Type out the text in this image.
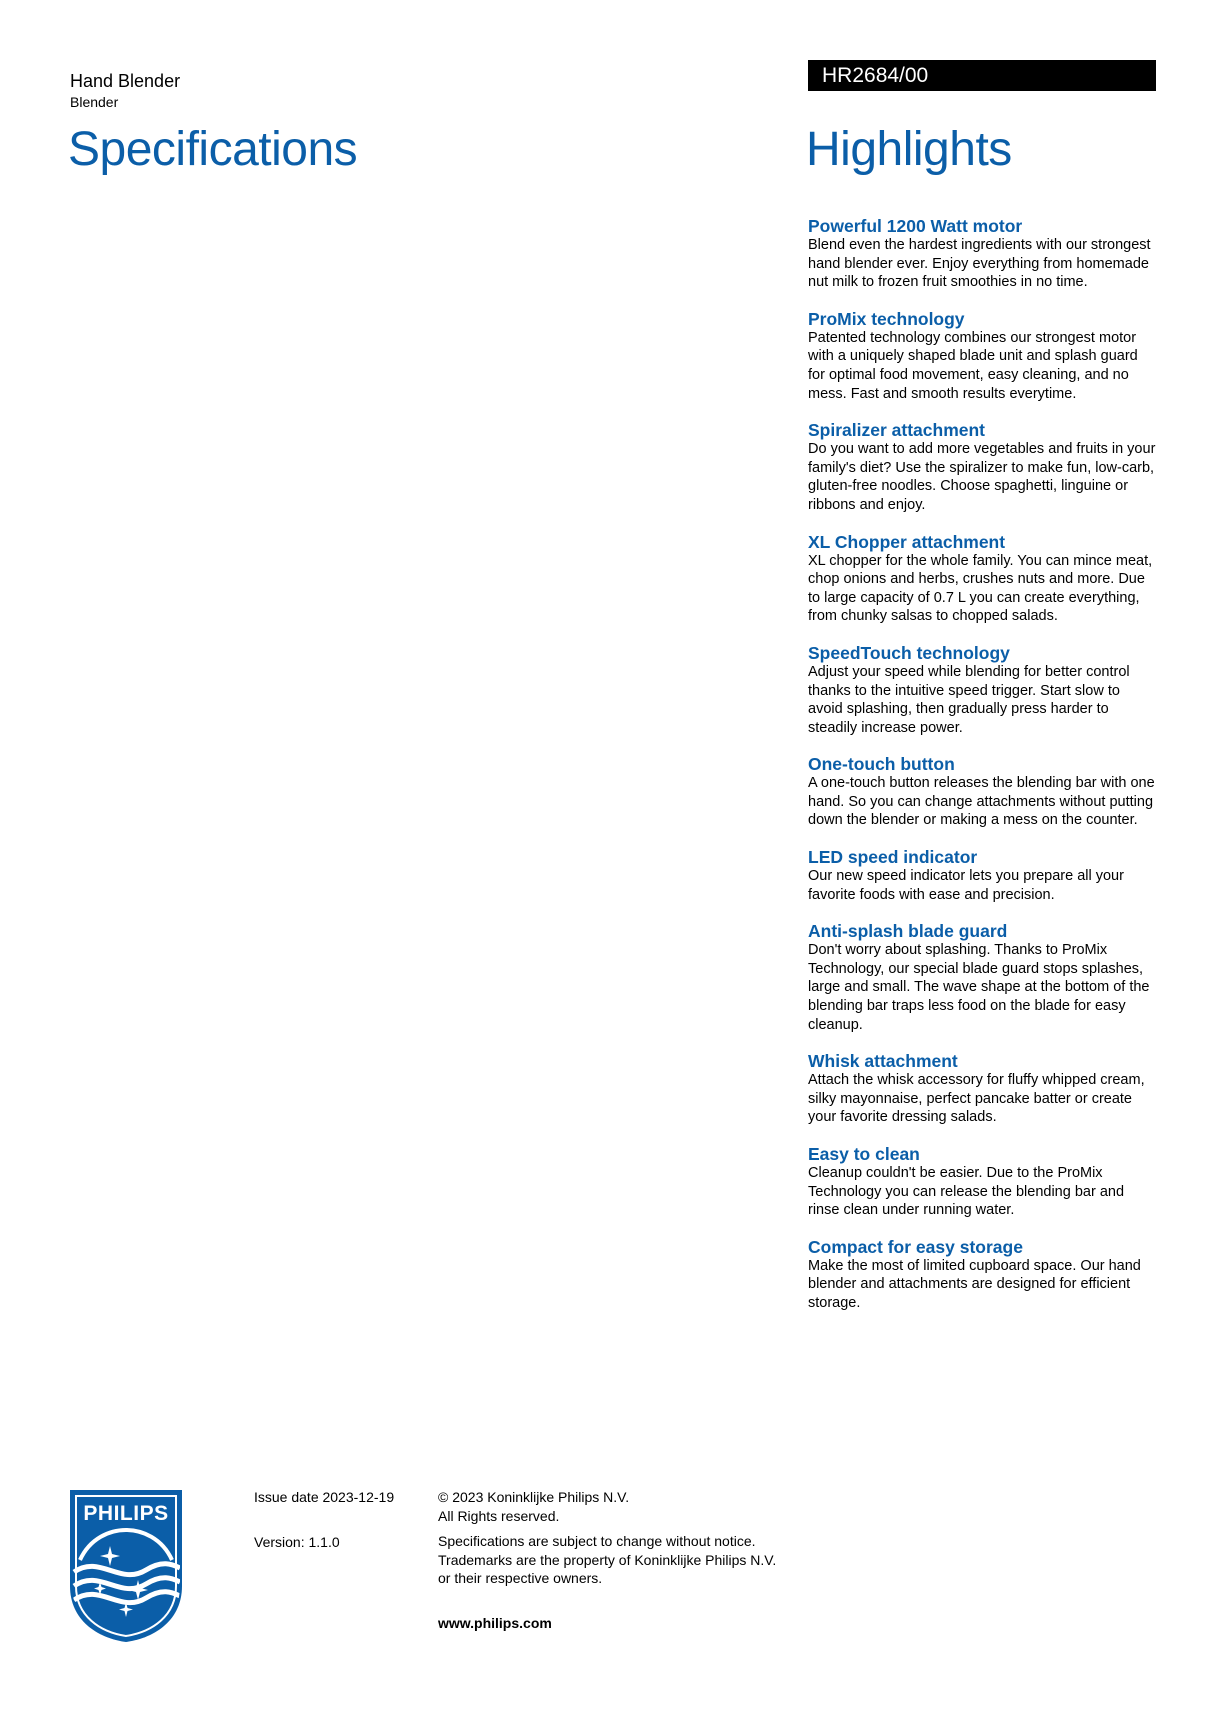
Hand Blender
Blender
Specifications
HR2684/00
Highlights
Powerful 1200 Watt motor
Blend even the hardest ingredients with our strongest hand blender ever. Enjoy everything from homemade nut milk to frozen fruit smoothies in no time.
ProMix technology
Patented technology combines our strongest motor with a uniquely shaped blade unit and splash guard for optimal food movement, easy cleaning, and no mess. Fast and smooth results everytime.
Spiralizer attachment
Do you want to add more vegetables and fruits in your family's diet? Use the spiralizer to make fun, low-carb, gluten-free noodles. Choose spaghetti, linguine or ribbons and enjoy.
XL Chopper attachment
XL chopper for the whole family. You can mince meat, chop onions and herbs, crushes nuts and more. Due to large capacity of 0.7 L you can create everything, from chunky salsas to chopped salads.
SpeedTouch technology
Adjust your speed while blending for better control thanks to the intuitive speed trigger. Start slow to avoid splashing, then gradually press harder to steadily increase power.
One-touch button
A one-touch button releases the blending bar with one hand. So you can change attachments without putting down the blender or making a mess on the counter.
LED speed indicator
Our new speed indicator lets you prepare all your favorite foods with ease and precision.
Anti-splash blade guard
Don't worry about splashing. Thanks to ProMix Technology, our special blade guard stops splashes, large and small. The wave shape at the bottom of the blending bar traps less food on the blade for easy cleanup.
Whisk attachment
Attach the whisk accessory for fluffy whipped cream, silky mayonnaise, perfect pancake batter or create your favorite dressing salads.
Easy to clean
Cleanup couldn't be easier. Due to the ProMix Technology you can release the blending bar and rinse clean under running water.
Compact for easy storage
Make the most of limited cupboard space. Our hand blender and attachments are designed for efficient storage.
PHILIPS
Issue date 2023-12-19
Version: 1.1.0

© 2023 Koninklijke Philips N.V.

All Rights reserved.

Specifications are subject to change without notice.

Trademarks are the property of Koninklijke Philips N.V.

or their respective owners.

www.philips.com
